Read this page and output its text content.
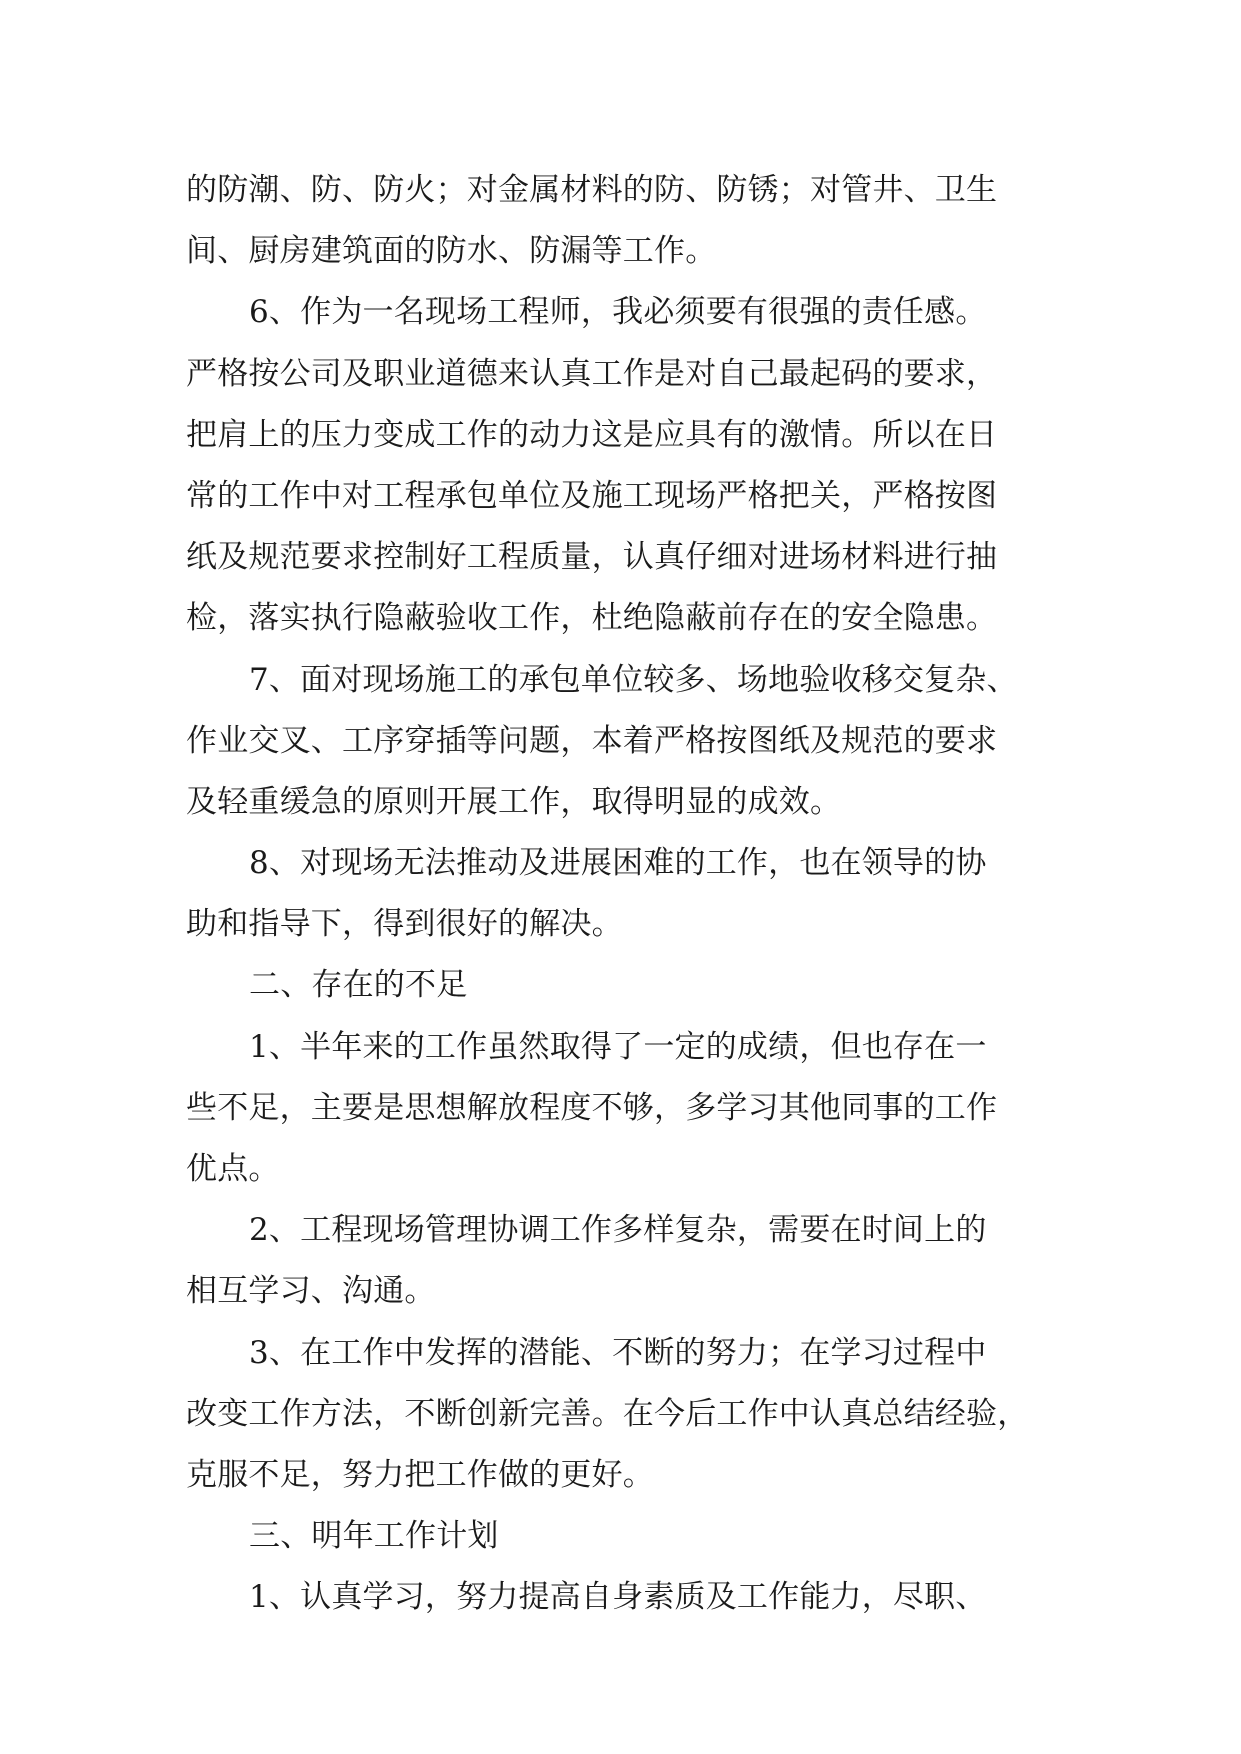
的防潮、防、防火；对金属材料的防、防锈；对管井、卫生
间、厨房建筑面的防水、防漏等工作。
6、作为一名现场工程师，我必须要有很强的责任感。
严格按公司及职业道德来认真工作是对自己最起码的要求，
把肩上的压力变成工作的动力这是应具有的激情。所以在日
常的工作中对工程承包单位及施工现场严格把关，严格按图
纸及规范要求控制好工程质量，认真仔细对进场材料进行抽
检，落实执行隐蔽验收工作，杜绝隐蔽前存在的安全隐患。
7、面对现场施工的承包单位较多、场地验收移交复杂、
作业交叉、工序穿插等问题，本着严格按图纸及规范的要求
及轻重缓急的原则开展工作，取得明显的成效。
8、对现场无法推动及进展困难的工作，也在领导的协
助和指导下，得到很好的解决。
二、存在的不足
1、半年来的工作虽然取得了一定的成绩，但也存在一
些不足，主要是思想解放程度不够，多学习其他同事的工作
优点。
2、工程现场管理协调工作多样复杂，需要在时间上的
相互学习、沟通。
3、在工作中发挥的潜能、不断的努力；在学习过程中
改变工作方法，不断创新完善。在今后工作中认真总结经验，
克服不足，努力把工作做的更好。
三、明年工作计划
1、认真学习，努力提高自身素质及工作能力，尽职、
